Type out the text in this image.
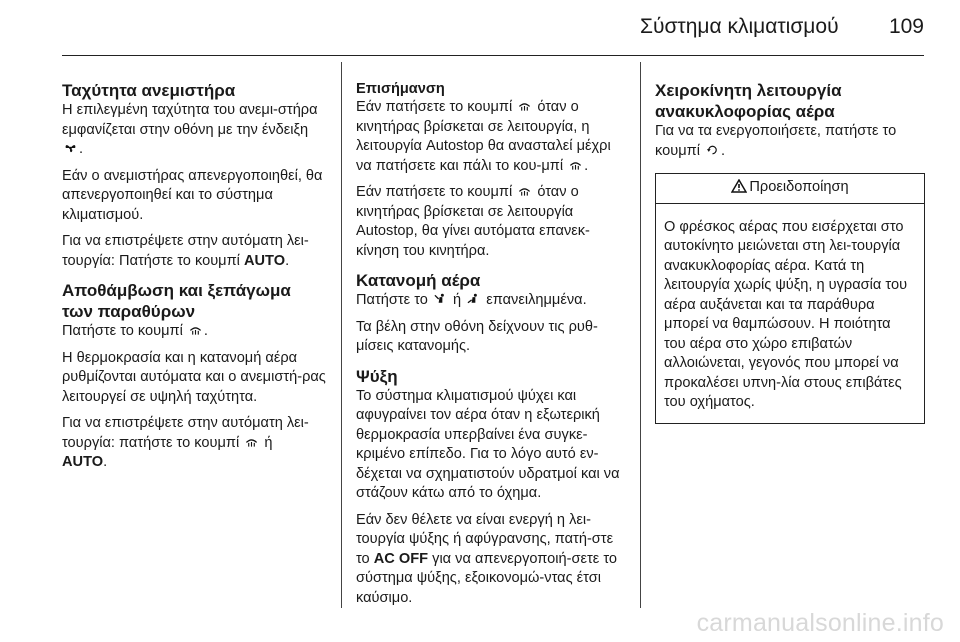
Σύστημα κλιματισμού 109
Ταχύτητα ανεμιστήρα

Η επιλεγμένη ταχύτητα του ανεμι-στήρα εμφανίζεται στην οθόνη με την ένδειξη .

Εάν ο ανεμιστήρας απενεργοποιηθεί, θα απενεργοποιηθεί και το σύστημα κλιματισμού.

Για να επιστρέψετε στην αυτόματη λει-τουργία: Πατήστε το κουμπί AUTO.

Αποθάμβωση και ξεπάγωμα των παραθύρων

Πατήστε το κουμπί .

Η θερμοκρασία και η κατανομή αέρα ρυθμίζονται αυτόματα και ο ανεμιστή-ρας λειτουργεί σε υψηλή ταχύτητα.

Για να επιστρέψετε στην αυτόματη λει-τουργία: πατήστε το κουμπί ή
AUTO.

Επισήμανση

Εάν πατήσετε το κουμπί όταν ο κινητήρας βρίσκεται σε λειτουργία, η λειτουργία Autostop θα ανασταλεί μέχρι να πατήσετε και πάλι το κου-μπί .

Εάν πατήσετε το κουμπί όταν ο κινητήρας βρίσκεται σε λειτουργία Autostop, θα γίνει αυτόματα επανεκ-κίνηση του κινητήρα.

Κατανομή αέρα

Πατήστε το ή επανειλημμένα.

Τα βέλη στην οθόνη δείχνουν τις ρυθ-μίσεις κατανομής.

Ψύξη

Το σύστημα κλιματισμού ψύχει και αφυγραίνει τον αέρα όταν η εξωτερική θερμοκρασία υπερβαίνει ένα συγκε-κριμένο επίπεδο. Για το λόγο αυτό εν-δέχεται να σχηματιστούν υδρατμοί και να στάζουν κάτω από το όχημα.

Εάν δεν θέλετε να είναι ενεργή η λει-τουργία ψύξης ή αφύγρανσης, πατή-στε το AC OFF για να απενεργοποιή-σετε το σύστημα ψύξης, εξοικονομώ-ντας έτσι καύσιμο.

Χειροκίνητη λειτουργία ανακυκλοφορίας αέρα

Για να τα ενεργοποιήσετε, πατήστε το κουμπί .

Προειδοποίηση
Ο φρέσκος αέρας που εισέρχεται στο αυτοκίνητο μειώνεται στη λει-τουργία ανακυκλοφορίας αέρα. Κατά τη λειτουργία χωρίς ψύξη, η υγρασία του αέρα αυξάνεται και τα παράθυρα μπορεί να θαμπώσουν. Η ποιότητα του αέρα στο χώρο επιβατών αλλοιώνεται, γεγονός που μπορεί να προκαλέσει υπνη-λία στους επιβάτες του οχήματος.
carmanualsonline.info
